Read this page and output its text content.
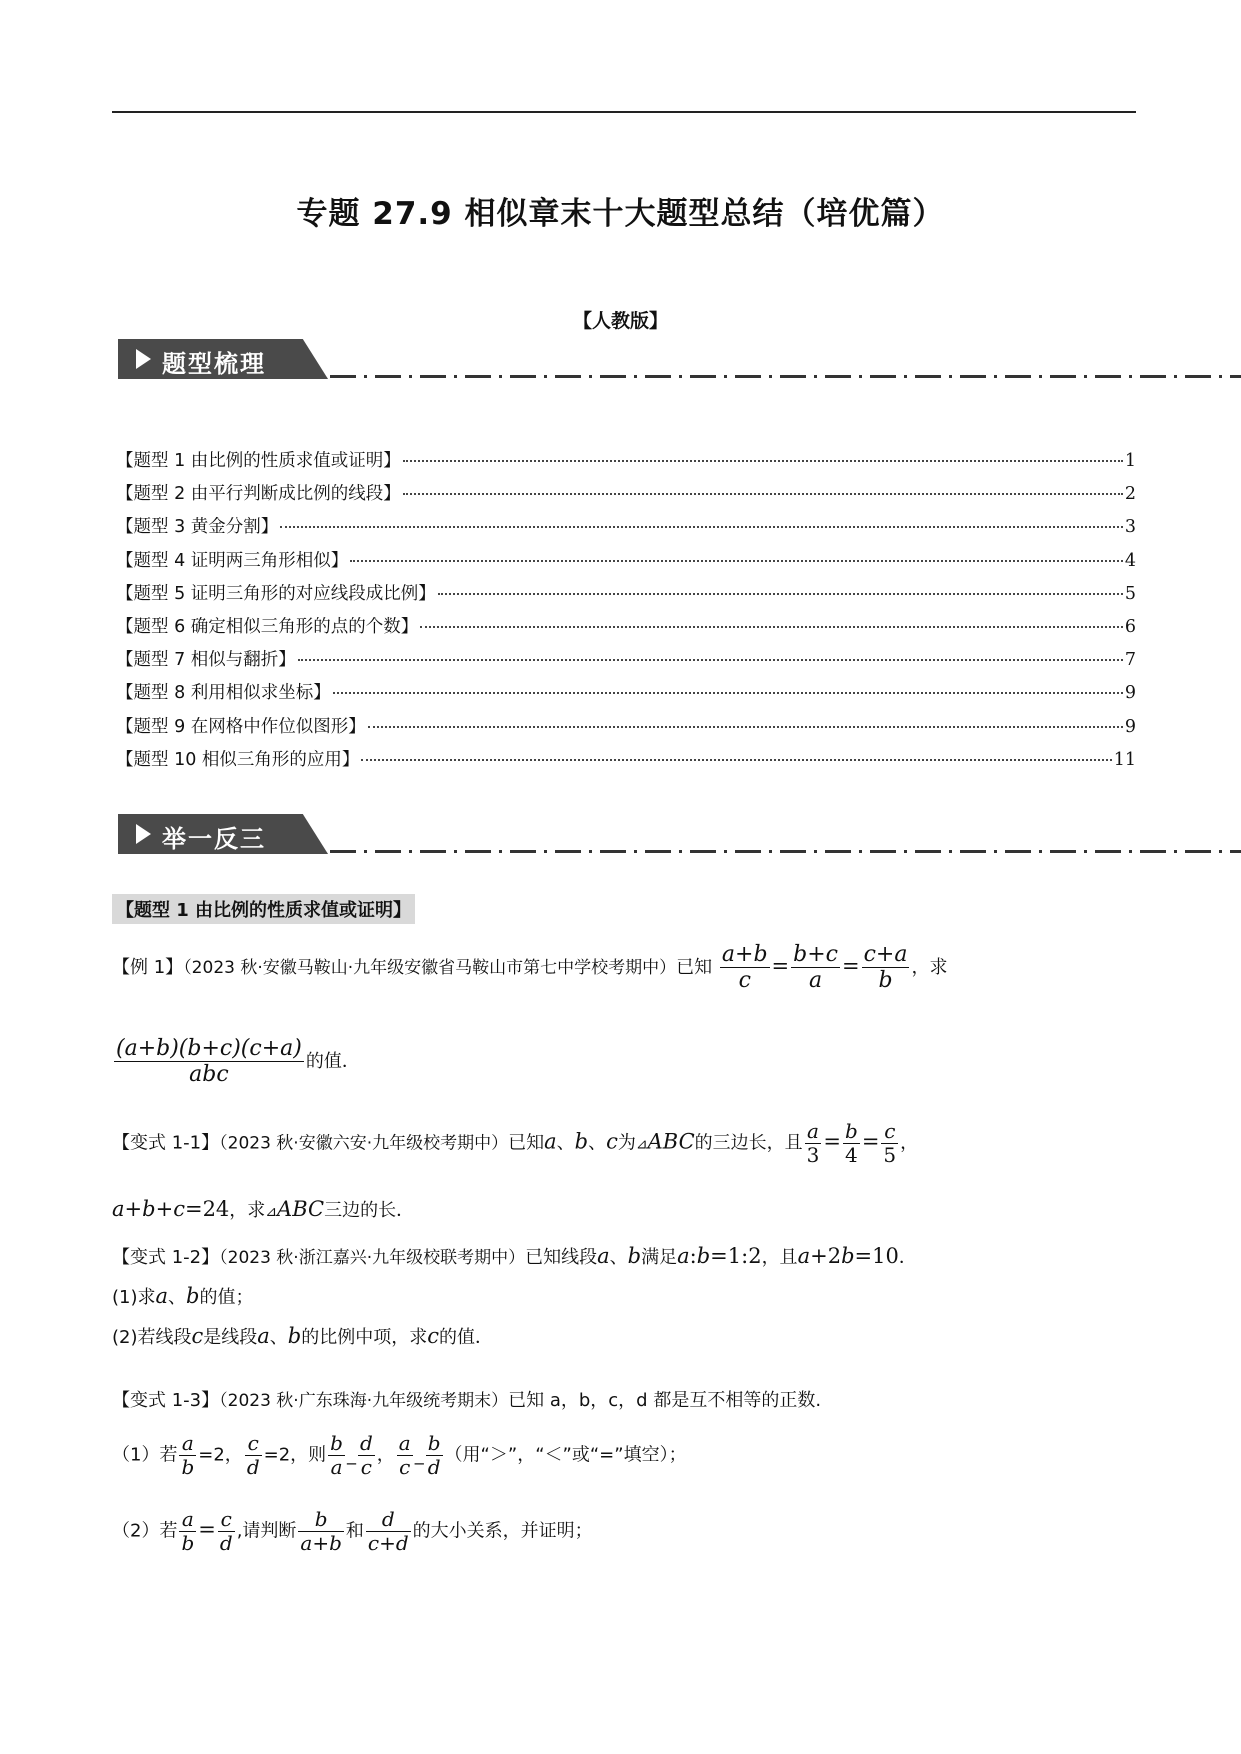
专题 27.9 相似章末十大题型总结（培优篇）
【人教版】
题型梳理
【题型 1 由比例的性质求值或证明】	1
【题型 2 由平行判断成比例的线段】	2
【题型 3 黄金分割】	3
【题型 4 证明两三角形相似】	4
【题型 5 证明三角形的对应线段成比例】	5
【题型 6 确定相似三角形的点的个数】	6
【题型 7 相似与翻折】	7
【题型 8 利用相似求坐标】	9
【题型 9 在网格中作位似图形】	9
【题型 10 相似三角形的应用】	11
举一反三
【题型 1 由比例的性质求值或证明】
【例 1】（2023 秋·安徽马鞍山·九年级安徽省马鞍山市第七中学校考期中）已知 $\frac{a+b}{c} = \frac{b+c}{a} = \frac{c+a}{b}$ ，求
$\frac{(a+b)(b+c)(c+a)}{\text{abc}}$ 的值．
【变式 1-1】（2023 秋·安徽六安·九年级校考期中）已知a、b、c为⊿ABC的三边长，且 $\frac{a}{3} = \frac{b}{4} = \frac{c}{5}$ ，
a+b+c=24，求⊿ABC三边的长．
【变式 1-2】（2023 秋·浙江嘉兴·九年级校联考期中）已知线段a、b满足a:b=1:2，且a+2b=10．
(1)求a、b的值；
(2)若线段c是线段a、b的比例中项，求c的值．
【变式 1-3】（2023 秋·广东珠海·九年级统考期末）已知 a，b，c，d 都是互不相等的正数.
（1）若 $\frac{a}{b} =2$， $\frac{c}{d} =2$，则 $\frac{b}{a}$ _ $\frac{d}{c}$ ， $\frac{a}{c}$ _ $\frac{b}{d}$ （用“＞”，“＜”或“=”填空）；
（2）若 $\frac{a}{b} = \frac{c}{d}$ ,请判断 $\frac{b}{a+b}$ 和 $\frac{d}{c+d}$ 的大小关系，并证明；
